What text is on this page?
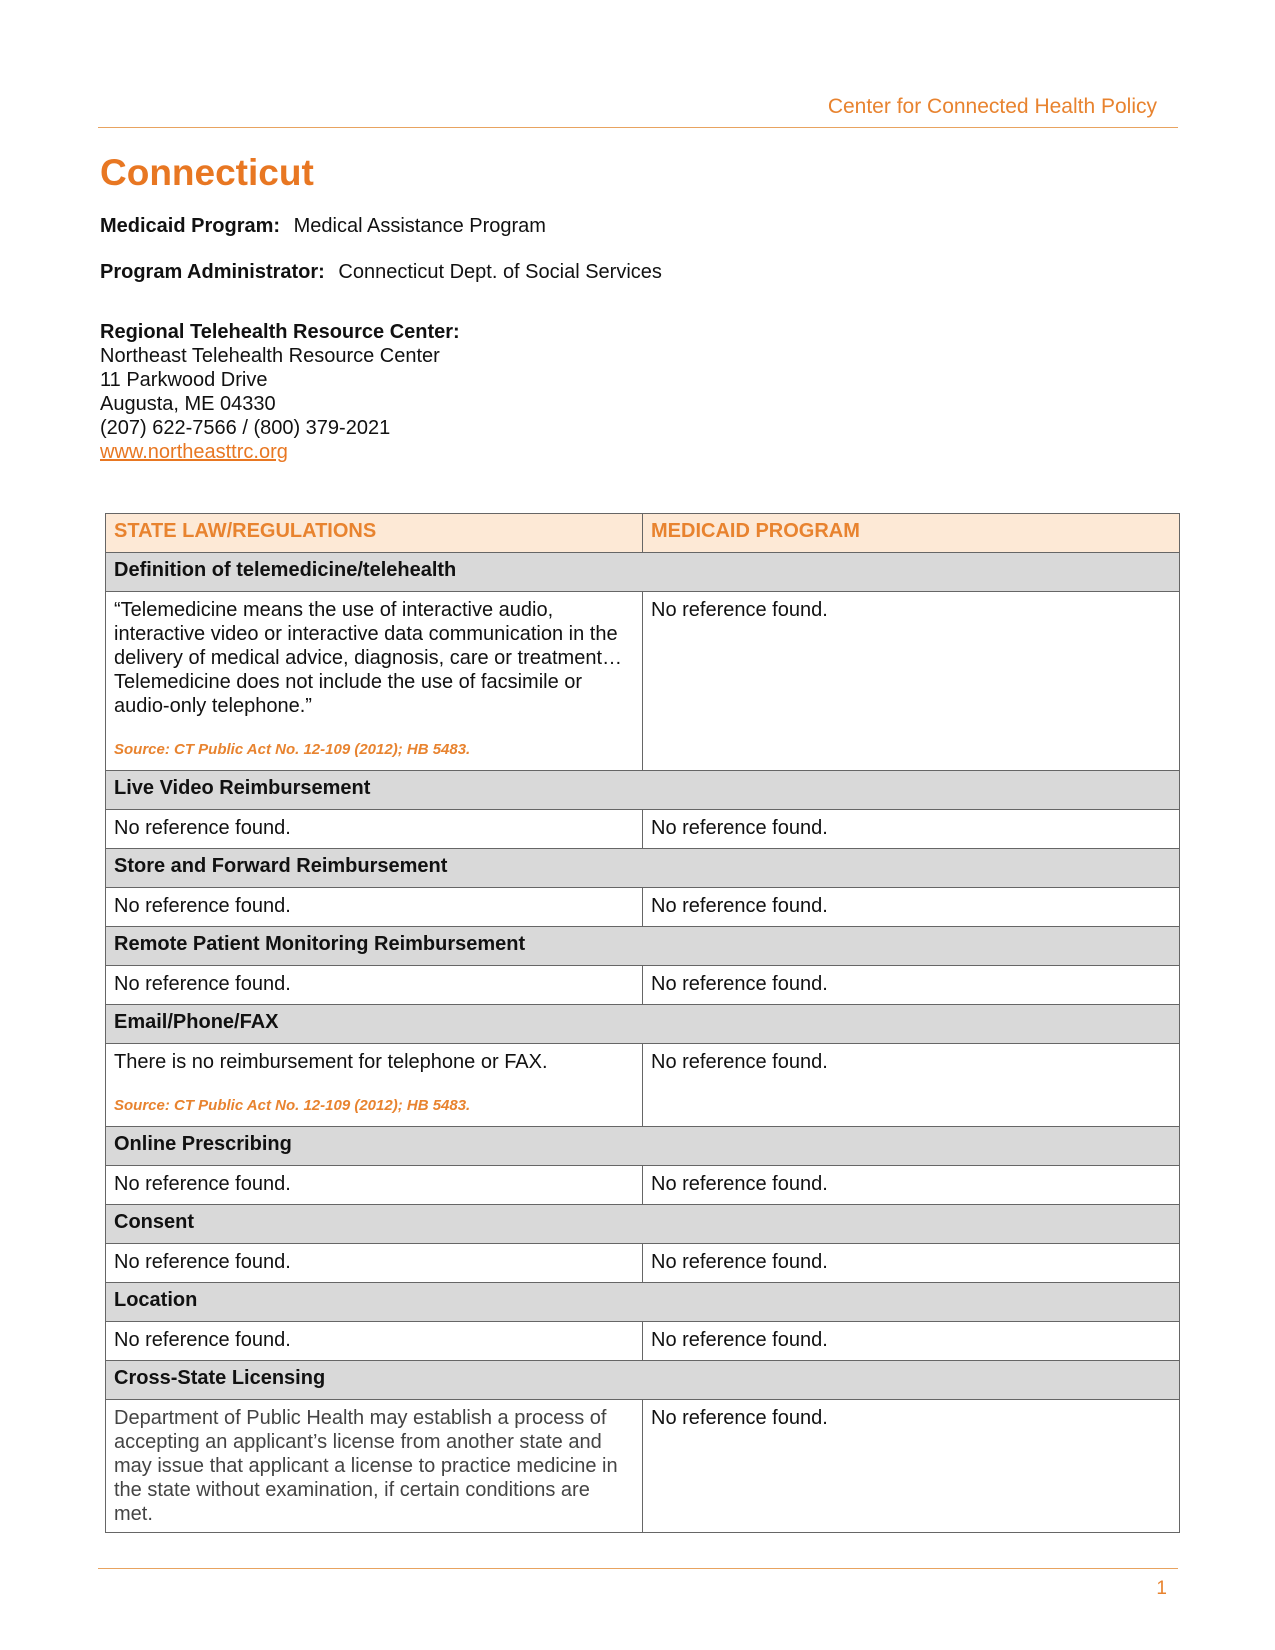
Center for Connected Health Policy
Connecticut
Medicaid Program: Medical Assistance Program
Program Administrator: Connecticut Dept. of Social Services
Regional Telehealth Resource Center:
Northeast Telehealth Resource Center
11 Parkwood Drive
Augusta, ME 04330
(207) 622-7566 / (800) 379-2021
www.northeasttrc.org
STATE LAW/REGULATIONS	MEDICAID PROGRAM
Definition of telemedicine/telehealth	
“Telemedicine means the use of interactive audio, interactive video or interactive data communication in the delivery of medical advice, diagnosis, care or treatment…Telemedicine does not include the use of facsimile or audio-only telephone.”
Source: CT Public Act No. 12-109 (2012); HB 5483.	No reference found.
Live Video Reimbursement	
No reference found.	No reference found.
Store and Forward Reimbursement	
No reference found.	No reference found.
Remote Patient Monitoring Reimbursement	
No reference found.	No reference found.
Email/Phone/FAX	
There is no reimbursement for telephone or FAX.
Source: CT Public Act No. 12-109 (2012); HB 5483.	No reference found.
Online Prescribing	
No reference found.	No reference found.
Consent	
No reference found.	No reference found.
Location	
No reference found.	No reference found.
Cross-State Licensing	
Department of Public Health may establish a process of accepting an applicant’s license from another state and may issue that applicant a license to practice medicine in the state without examination, if certain conditions are met.	No reference found.
1
